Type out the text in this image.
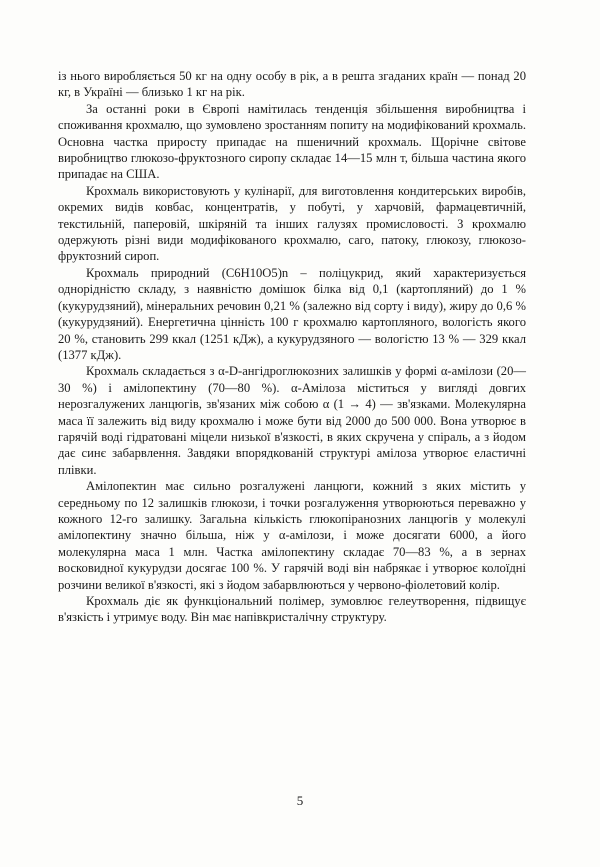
із нього виробляється 50 кг на одну особу в рік, а в решта згаданих країн — понад 20 кг, в Україні — близько 1 кг на рік.

За останні роки в Європі намітилась тенденція збільшення виробництва і споживання крохмалю, що зумовлено зростанням попиту на модифікований крохмаль. Основна частка приросту припадає на пшеничний крохмаль. Щорічне світове виробництво глюкозо-фруктозного сиропу складає 14—15 млн т, більша частина якого припадає на США.

Крохмаль використовують у кулінарії, для виготовлення кондитерських виробів, окремих видів ковбас, концентратів, у побуті, у харчовій, фармацевтичній, текстильній, паперовій, шкіряній та інших галузях промисловості. З крохмалю одержують різні види модифікованого крохмалю, саго, патоку, глюкозу, глюкозо-фруктозний сироп.

Крохмаль природний (C6H10O5)n – поліцукрид, який характеризується однорідністю складу, з наявністю домішок білка від 0,1 (картопляний) до 1 % (кукурудзяний), мінеральних речовин 0,21 % (залежно від сорту і виду), жиру до 0,6 % (кукурудзяний). Енергетична цінність 100 г крохмалю картопляного, вологість якого 20 %, становить 299 ккал (1251 кДж), а кукурудзяного — вологістю 13 % — 329 ккал (1377 кДж).

Крохмаль складається з α-D-ангідроглюкозних залишків у формі α-амілози (20—30 %) і амілопектину (70—80 %). α-Амілоза міститься у вигляді довгих нерозгалужених ланцюгів, зв'язаних між собою α (1 → 4) — зв'язками. Молекулярна маса її залежить від виду крохмалю і може бути від 2000 до 500 000. Вона утворює в гарячій воді гідратовані міцели низької в'язкості, в яких скручена у спіраль, а з йодом дає синє забарвлення. Завдяки впорядкованій структурі амілоза утворює еластичні плівки.

Амілопектин має сильно розгалужені ланцюги, кожний з яких містить у середньому по 12 залишків глюкози, і точки розгалуження утворюються переважно у кожного 12-го залишку. Загальна кількість глюкопіранозних ланцюгів у молекулі амілопектину значно більша, ніж у α-амілози, і може досягати 6000, а його молекулярна маса 1 млн. Частка амілопектину складає 70—83 %, а в зернах восковидної кукурудзи досягає 100 %. У гарячій воді він набрякає і утворює колоїдні розчини великої в'язкості, які з йодом забарвлюються у червоно-фіолетовий колір.

Крохмаль діє як функціональний полімер, зумовлює гелеутворення, підвищує в'язкість і утримує воду. Він має напівкристалічну структуру.

5
